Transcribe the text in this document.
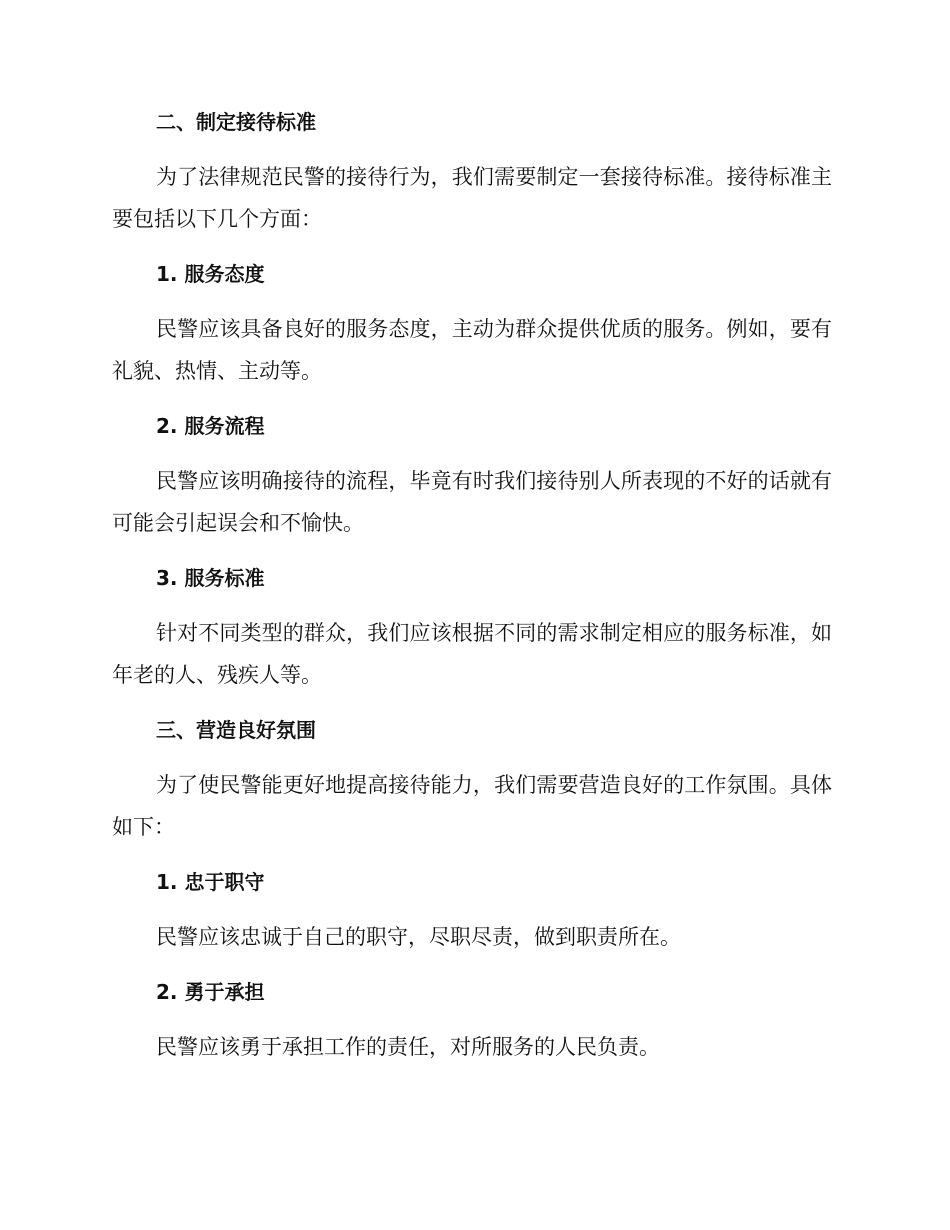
二、制定接待标准

为了法律规范民警的接待行为，我们需要制定一套接待标准。接待标准主要包括以下几个方面：

1. 服务态度

民警应该具备良好的服务态度，主动为群众提供优质的服务。例如，要有礼貌、热情、主动等。

2. 服务流程

民警应该明确接待的流程，毕竟有时我们接待别人所表现的不好的话就有可能会引起误会和不愉快。

3. 服务标准

针对不同类型的群众，我们应该根据不同的需求制定相应的服务标准，如年老的人、残疾人等。

三、营造良好氛围

为了使民警能更好地提高接待能力，我们需要营造良好的工作氛围。具体如下：

1. 忠于职守

民警应该忠诚于自己的职守，尽职尽责，做到职责所在。

2. 勇于承担

民警应该勇于承担工作的责任，对所服务的人民负责。
